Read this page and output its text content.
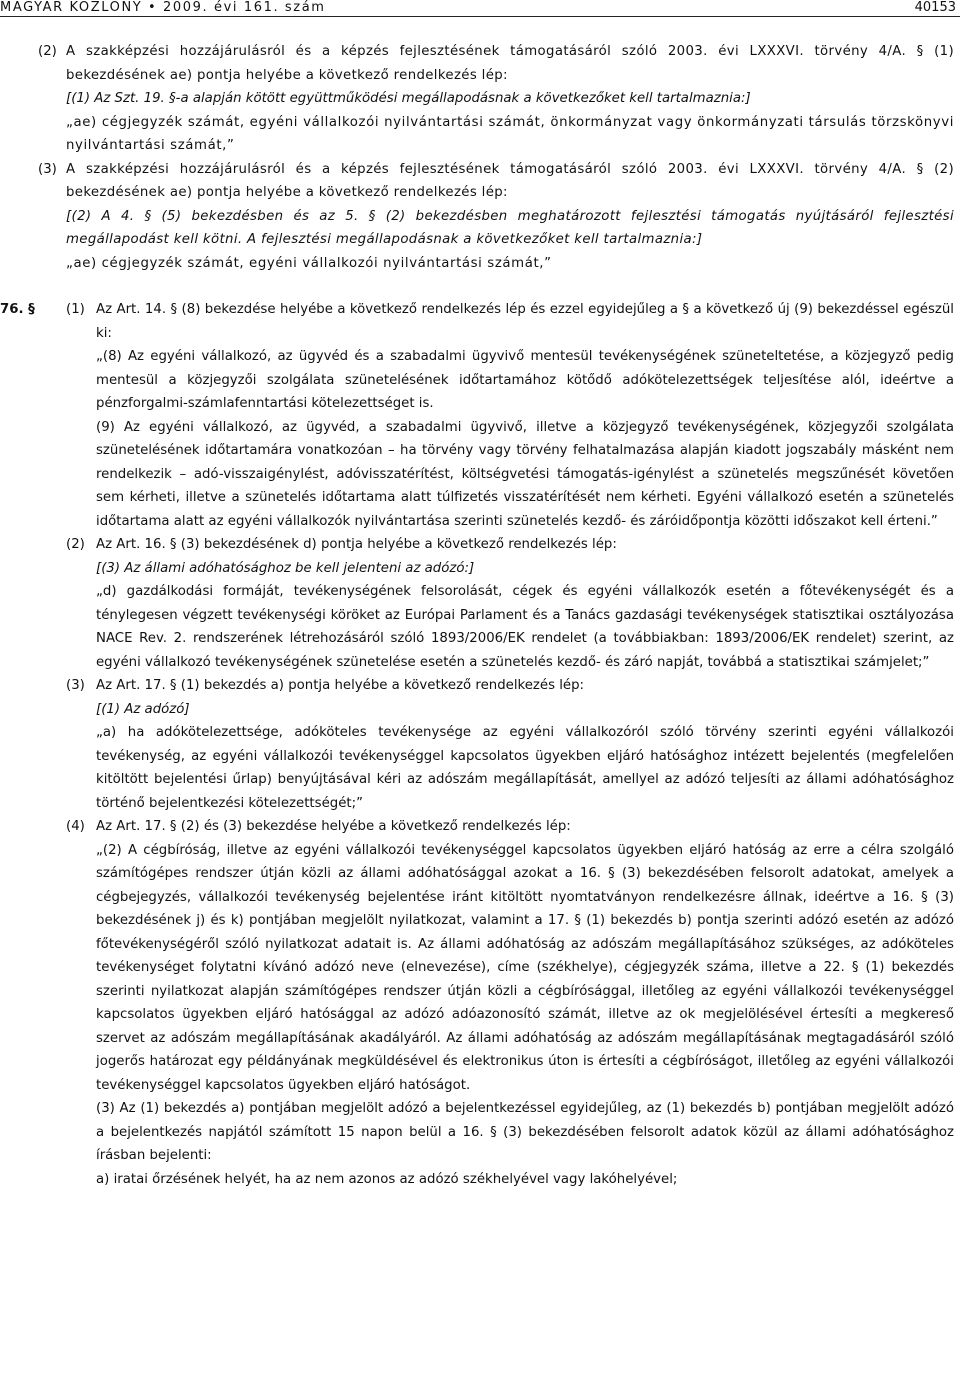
MAGYAR KÖZLÖNY • 2009. évi 161. szám	40153
(2) A szakképzési hozzájárulásról és a képzés fejlesztésének támogatásáról szóló 2003. évi LXXXVI. törvény 4/A. § (1) bekezdésének ae) pontja helyébe a következő rendelkezés lép:
[(1) Az Szt. 19. §-a alapján kötött együttműködési megállapodásnak a következőket kell tartalmaznia:]
„ae) cégjegyzék számát, egyéni vállalkozói nyilvántartási számát, önkormányzat vagy önkormányzati társulás törzskönyvi nyilvántartási számát,”
(3) A szakképzési hozzájárulásról és a képzés fejlesztésének támogatásáról szóló 2003. évi LXXXVI. törvény 4/A. § (2) bekezdésének ae) pontja helyébe a következő rendelkezés lép:
[(2) A 4. § (5) bekezdésben és az 5. § (2) bekezdésben meghatározott fejlesztési támogatás nyújtásáról fejlesztési megállapodást kell kötni. A fejlesztési megállapodásnak a következőket kell tartalmaznia:]
„ae) cégjegyzék számát, egyéni vállalkozói nyilvántartási számát,”
76. § (1) Az Art. 14. § (8) bekezdése helyébe a következő rendelkezés lép és ezzel egyidejűleg a § a következő új (9) bekezdéssel egészül ki:
„(8) Az egyéni vállalkozó, az ügyvéd és a szabadalmi ügyvivő mentesül tevékenységének szüneteltetése, a közjegyző pedig mentesül a közjegyzői szolgálata szünetelésének időtartamához kötődő adókötelezettségek teljesítése alól, ideértve a pénzforgalmi-számlafenntartási kötelezettséget is.
(9) Az egyéni vállalkozó, az ügyvéd, a szabadalmi ügyvivő, illetve a közjegyző tevékenységének, közjegyzői szolgálata szünetelésének időtartamára vonatkozóan – ha törvény vagy törvény felhatalmazása alapján kiadott jogszabály másként nem rendelkezik – adó-visszaigénylést, adóvisszatérítést, költségvetési támogatás-igénylést a szünetelés megszűnését követően sem kérheti, illetve a szünetelés időtartama alatt túlfizetés visszatérítését nem kérheti. Egyéni vállalkozó esetén a szünetelés időtartama alatt az egyéni vállalkozók nyilvántartása szerinti szünetelés kezdő- és záróidőpontja közötti időszakot kell érteni.”
(2) Az Art. 16. § (3) bekezdésének d) pontja helyébe a következő rendelkezés lép:
[(3) Az állami adóhatósághoz be kell jelenteni az adózó:]
„d) gazdálkodási formáját, tevékenységének felsorolását, cégek és egyéni vállalkozók esetén a főtevékenységét és a ténylegesen végzett tevékenységi köröket az Európai Parlament és a Tanács gazdasági tevékenységek statisztikai osztályozása NACE Rev. 2. rendszerének létrehozásáról szóló 1893/2006/EK rendelet (a továbbiakban: 1893/2006/EK rendelet) szerint, az egyéni vállalkozó tevékenységének szünetelése esetén a szünetelés kezdő- és záró napját, továbbá a statisztikai számjelet;”
(3) Az Art. 17. § (1) bekezdés a) pontja helyébe a következő rendelkezés lép:
[(1) Az adózó]
„a) ha adókötelezettsége, adóköteles tevékenysége az egyéni vállalkozóról szóló törvény szerinti egyéni vállalkozói tevékenység, az egyéni vállalkozói tevékenységgel kapcsolatos ügyekben eljáró hatósághoz intézett bejelentés (megfelelően kitöltött bejelentési űrlap) benyújtásával kéri az adószám megállapítását, amellyel az adózó teljesíti az állami adóhatósághoz történő bejelentkezési kötelezettségét;”
(4) Az Art. 17. § (2) és (3) bekezdése helyébe a következő rendelkezés lép:
„(2) A cégbíróság, illetve az egyéni vállalkozói tevékenységgel kapcsolatos ügyekben eljáró hatóság az erre a célra szolgáló számítógépes rendszer útján közli az állami adóhatósággal azokat a 16. § (3) bekezdésében felsorolt adatokat, amelyek a cégbejegyzés, vállalkozói tevékenység bejelentése iránt kitöltött nyomtatványon rendelkezésre állnak, ideértve a 16. § (3) bekezdésének j) és k) pontjában megjelölt nyilatkozat, valamint a 17. § (1) bekezdés b) pontja szerinti adózó esetén az adózó főtevékenységéről szóló nyilatkozat adatait is. Az állami adóhatóság az adószám megállapításához szükséges, az adóköteles tevékenységet folytatni kívánó adózó neve (elnevezése), címe (székhelye), cégjegyzék száma, illetve a 22. § (1) bekezdés szerinti nyilatkozat alapján számítógépes rendszer útján közli a cégbírósággal, illetőleg az egyéni vállalkozói tevékenységgel kapcsolatos ügyekben eljáró hatósággal az adózó adóazonosító számát, illetve az ok megjelölésével értesíti a megkereső szervet az adószám megállapításának akadályáról. Az állami adóhatóság az adószám megállapításának megtagadásáról szóló jogerős határozat egy példányának megküldésével és elektronikus úton is értesíti a cégbíróságot, illetőleg az egyéni vállalkozói tevékenységgel kapcsolatos ügyekben eljáró hatóságot.
(3) Az (1) bekezdés a) pontjában megjelölt adózó a bejelentkezéssel egyidejűleg, az (1) bekezdés b) pontjában megjelölt adózó a bejelentkezés napjától számított 15 napon belül a 16. § (3) bekezdésében felsorolt adatok közül az állami adóhatósághoz írásban bejelenti:
a) iratai őrzésének helyét, ha az nem azonos az adózó székhelyével vagy lakóhelyével;
